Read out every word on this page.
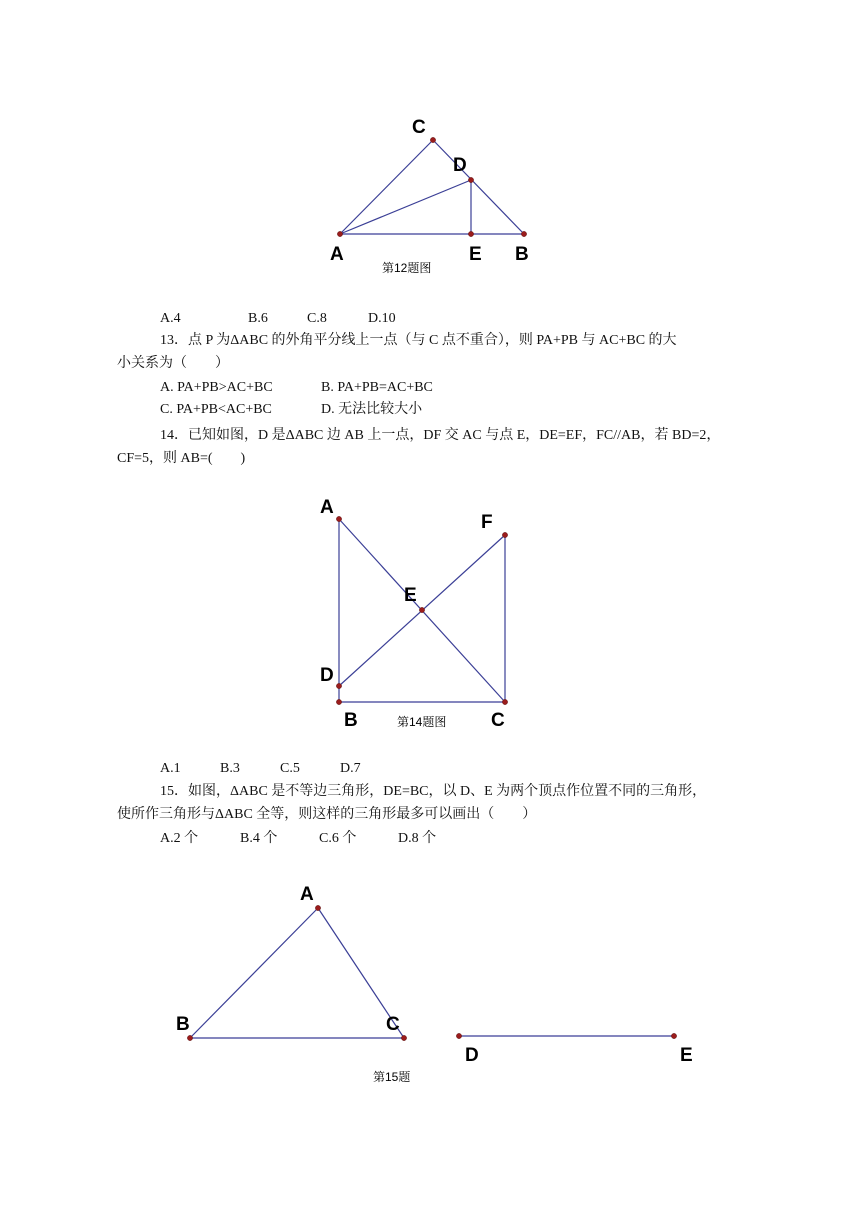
C
D
A	E B
第12题图
A.4	B.6	C.8	D.10
13．点 P 为ΔABC 的外角平分线上一点（与 C 点不重合），则 PA+PB 与 AC+BC 的大
小关系为（　　）
A. PA+PB>AC+BC	B. PA+PB=AC+BC
C. PA+PB<AC+BC	D. 无法比较大小
14．已知如图，D 是ΔABC 边 AB 上一点，DF 交 AC 与点 E，DE=EF，FC//AB，若 BD=2，
CF=5，则 AB=(　　)
A
F
E
D
B	C
第14题图
A.1	B.3	C.5	D.7
15．如图，ΔABC 是不等边三角形，DE=BC，以 D、E 为两个顶点作位置不同的三角形，
使所作三角形与ΔABC 全等，则这样的三角形最多可以画出（　　）
A.2 个	B.4 个	C.6 个	D.8 个
A
B	C
D	E
第15题
